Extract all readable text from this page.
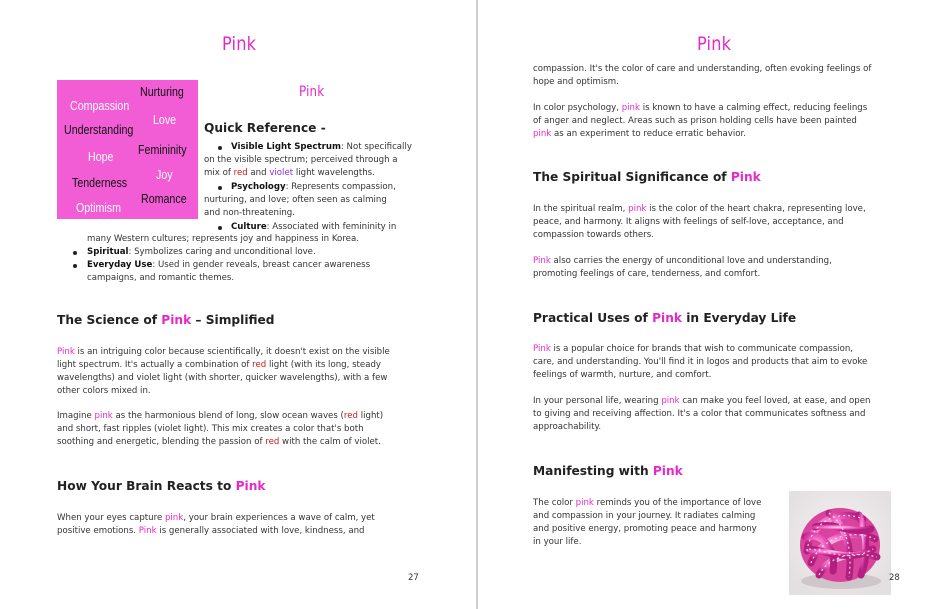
Pink
Compassion
Nurturing
Understanding
Love
Hope Femininity
Tenderness
Joy
Optimism
Romance
Pink
Quick Reference -
Visible Light Spectrum: Not specifically
on the visible spectrum; perceived through a
mix of red and violet light wavelengths.
Psychology: Represents compassion,
nurturing, and love; often seen as calming
and non-threatening.
Culture: Associated with femininity in
many Western cultures; represents joy and happiness in Korea.
Spiritual: Symbolizes caring and unconditional love.
Everyday Use: Used in gender reveals, breast cancer awareness
campaigns, and romantic themes.
The Science of Pink – Simplified
Pink is an intriguing color because scientifically, it doesn't exist on the visible
light spectrum. It's actually a combination of red light (with its long, steady
wavelengths) and violet light (with shorter, quicker wavelengths), with a few
other colors mixed in.
Imagine pink as the harmonious blend of long, slow ocean waves (red light)
and short, fast ripples (violet light). This mix creates a color that's both
soothing and energetic, blending the passion of red with the calm of violet.
How Your Brain Reacts to Pink
When your eyes capture pink, your brain experiences a wave of calm, yet
positive emotions. Pink is generally associated with love, kindness, and
27
Pink
compassion. It's the color of care and understanding, often evoking feelings of
hope and optimism.
In color psychology, pink is known to have a calming effect, reducing feelings
of anger and neglect. Areas such as prison holding cells have been painted
pink as an experiment to reduce erratic behavior.
The Spiritual Significance of Pink
In the spiritual realm, pink is the color of the heart chakra, representing love,
peace, and harmony. It aligns with feelings of self-love, acceptance, and
compassion towards others.
Pink also carries the energy of unconditional love and understanding,
promoting feelings of care, tenderness, and comfort.
Practical Uses of Pink in Everyday Life
Pink is a popular choice for brands that wish to communicate compassion,
care, and understanding. You'll find it in logos and products that aim to evoke
feelings of warmth, nurture, and comfort.
In your personal life, wearing pink can make you feel loved, at ease, and open
to giving and receiving affection. It's a color that communicates softness and
approachability.
Manifesting with Pink
The color pink reminds you of the importance of love
and compassion in your journey. It radiates calming
and positive energy, promoting peace and harmony
in your life.
28
